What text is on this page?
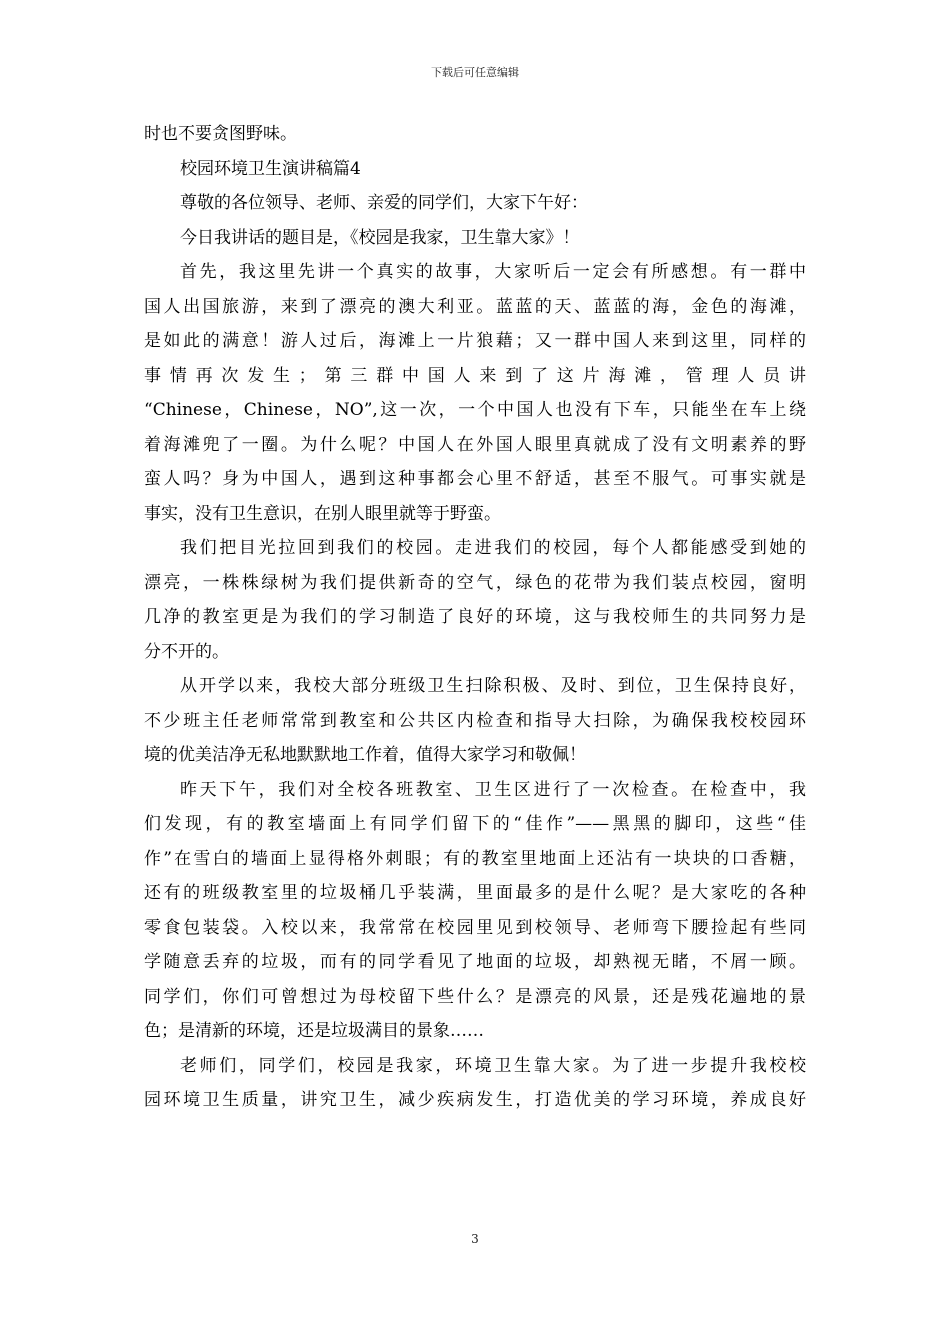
下载后可任意编辑
时也不要贪图野味。
校园环境卫生演讲稿篇4
尊敬的各位领导、老师、亲爱的同学们，大家下午好：
今日我讲话的题目是，《校园是我家，卫生靠大家》！
首先，我这里先讲一个真实的故事，大家听后一定会有所感想。有一群中
国人出国旅游，来到了漂亮的澳大利亚。蓝蓝的天、蓝蓝的海，金色的海滩，
是如此的满意！游人过后，海滩上一片狼藉；又一群中国人来到这里，同样的
事情再次发生；第三群中国人来到了这片海滩，管理人员讲
“Chinese，Chinese，NO”,这一次，一个中国人也没有下车，只能坐在车上绕
着海滩兜了一圈。为什么呢？中国人在外国人眼里真就成了没有文明素养的野
蛮人吗？身为中国人，遇到这种事都会心里不舒适，甚至不服气。可事实就是
事实，没有卫生意识，在别人眼里就等于野蛮。
我们把目光拉回到我们的校园。走进我们的校园，每个人都能感受到她的
漂亮，一株株绿树为我们提供新奇的空气，绿色的花带为我们装点校园，窗明
几净的教室更是为我们的学习制造了良好的环境，这与我校师生的共同努力是
分不开的。
从开学以来，我校大部分班级卫生扫除积极、及时、到位，卫生保持良好，
不少班主任老师常常到教室和公共区内检查和指导大扫除，为确保我校校园环
境的优美洁净无私地默默地工作着，值得大家学习和敬佩！
昨天下午，我们对全校各班教室、卫生区进行了一次检查。在检查中，我
们发现，有的教室墙面上有同学们留下的“佳作”——黑黑的脚印，这些“佳
作”在雪白的墙面上显得格外刺眼；有的教室里地面上还沾有一块块的口香糖，
还有的班级教室里的垃圾桶几乎装满，里面最多的是什么呢？是大家吃的各种
零食包装袋。入校以来，我常常在校园里见到校领导、老师弯下腰捡起有些同
学随意丢弃的垃圾，而有的同学看见了地面的垃圾，却熟视无睹，不屑一顾。
同学们，你们可曾想过为母校留下些什么？是漂亮的风景，还是残花遍地的景
色；是清新的环境，还是垃圾满目的景象……
老师们，同学们，校园是我家，环境卫生靠大家。为了进一步提升我校校
园环境卫生质量，讲究卫生，减少疾病发生，打造优美的学习环境，养成良好
3
